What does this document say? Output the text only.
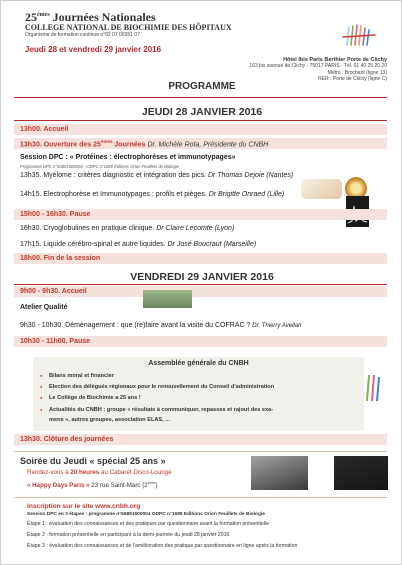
25èmes Journées Nationales
COLLEGE NATIONAL DE BIOCHIMIE DES HÔPITAUX
Organisme de formation continue n°82 07 00351 07
Jeudi 28 et vendredi 29 janvier 2016
Hôtel Ibis Paris Berthier Porte de Clichy
163 bis avenue de Clichy - 75017 PARIS - Tél. 01 40 25 20 20
Métro : Brochant (ligne 13)
RER : Porte de Clichy (ligne C)
PROGRAMME
JEUDI 28 JANVIER 2016
13h00. Accueil
13h30. Ouverture des 25èmes Journées Dr. Michèle Rota, Présidente du CNBH
Session DPC : « Protéines : électrophorèses et immunotypages»
Programme DPC n°66891500004 - ODPC n°1689 Éditions Orion Feuillets de Biologie
13h35. Myélome : critères diagnostic et intégration des pics. Dr Thomas Dejoie (Nantes)
14h15. Electrophorèse et Immunotypages : profils et pièges. Dr Brigitte Onraed (Lille)
15h00 - 16h30. Pause
16h30. Cryoglobulines en pratique clinique. Dr Claire Lecomte (Lyon)
17h15. Liquide cérébro-spinal et autre liquides. Dr José Boucraut (Marseille)
18h00. Fin de la session
VENDREDI 29 JANVIER 2016
9h00 - 9h30. Accueil
Atelier Qualité
9h30 - 10h30. Déménagement : que (re)faire avant la visite du COFRAC ? Dr. Thierry Avellan
10h30 - 11h00. Pause
Assemblée générale du CNBH
● Bilans moral et financier
● Election des délégués régionaux pour le renouvellement du Conseil d'administration
● Le Collège de Biochimie a 25 ans !
● Actualités du CNBH : groupe « résultats à communiquer, repasses et rajout des exa-
mens », autres groupes, association ELAS, ...
13h30. Clôture des journées
Soirée du Jeudi « spécial 25 ans »
Rendez-vous à 20 heures au Cabaret Disco-Lounge
« Happy Days Paris » 23 rue Saint-Marc (2ème)
Inscription sur le site www.cnbh.org
Session DPC en 3 étapes : programme n°66891500004 ODPC n°1689 Editions Orion Feuillets de Biologie
Étape 1 : évaluation des connaissances et des pratiques par questionnaire avant la formation présentielle
Étape 2 : formation présentielle en participant à la demi-journée du jeudi 28 janvier 2016
Étape 3 : évaluation des connaissances et de l'amélioration des pratique par questionnaire en ligne après la formation
